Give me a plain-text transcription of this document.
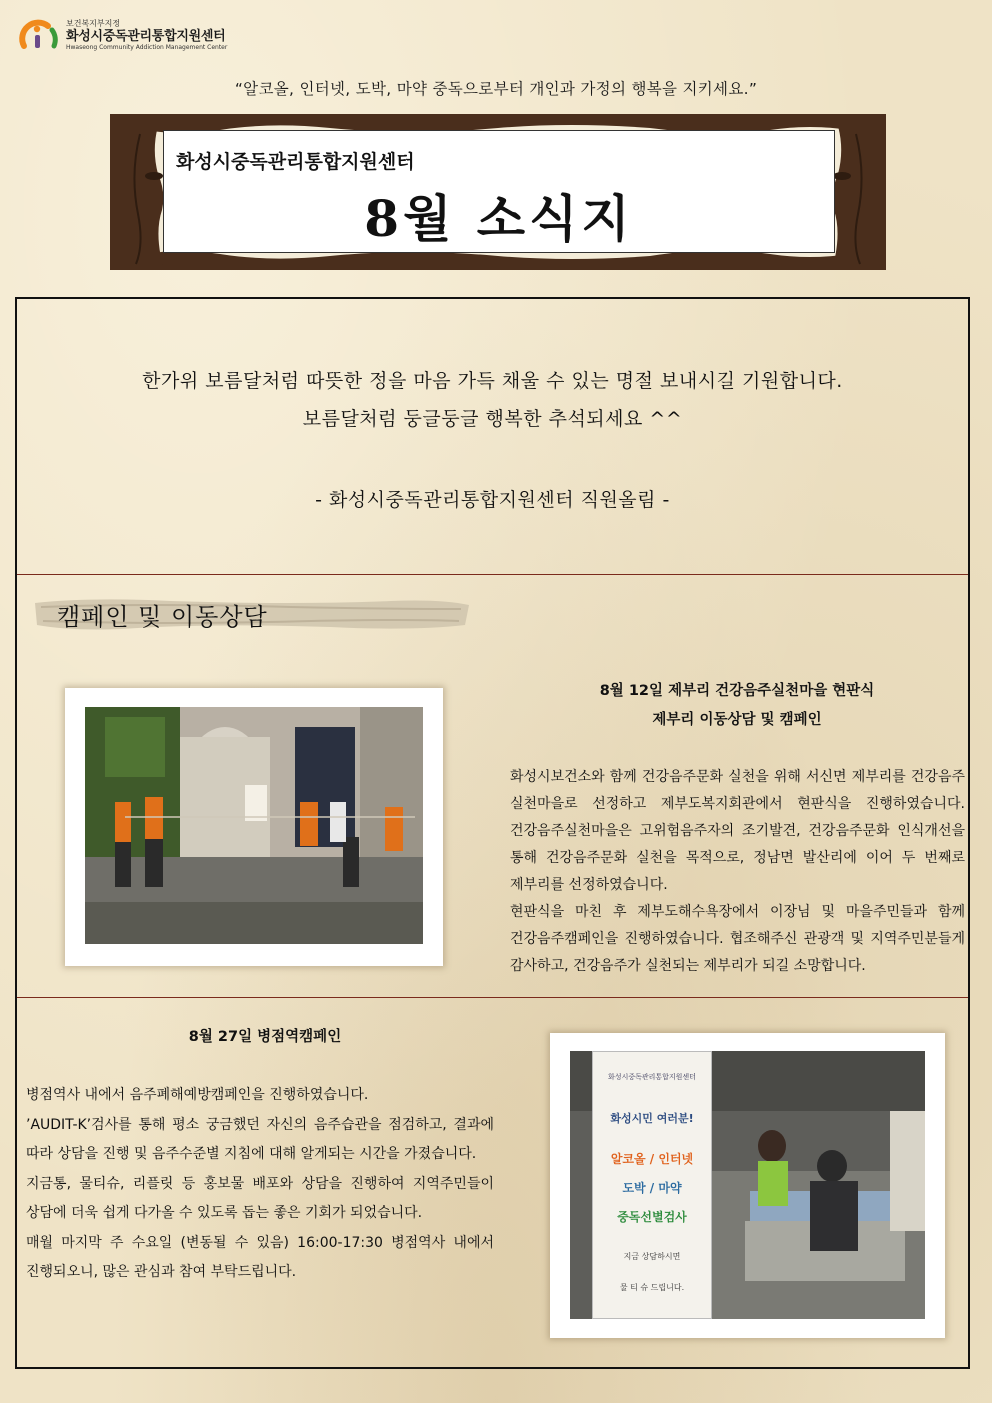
보건복지부지정
화성시중독관리통합지원센터
Hwaseong Community Addiction Management Center
“알코올, 인터넷, 도박, 마약 중독으로부터 개인과 가정의 행복을 지키세요.”
화성시중독관리통합지원센터
8월 소식지
한가위 보름달처럼 따뜻한 정을 마음 가득 채울 수 있는 명절 보내시길 기원합니다.
보름달처럼 둥글둥글 행복한 추석되세요 ^^
- 화성시중독관리통합지원센터 직원올림 -
캠페인 및 이동상담
8월 12일 제부리 건강음주실천마을 현판식
제부리 이동상담 및 캠페인

화성시보건소와 함께 건강음주문화 실천을 위해 서신면 제부리를 건강음주 실천마을로 선정하고 제부도복지회관에서 현판식을 진행하였습니다. 건강음주실천마을은 고위험음주자의 조기발견, 건강음주문화 인식개선을 통해 건강음주문화 실천을 목적으로, 정남면 발산리에 이어 두 번째로 제부리를 선정하였습니다.

현판식을 마친 후 제부도해수욕장에서 이장님 및 마을주민들과 함께 건강음주캠페인을 진행하였습니다. 협조해주신 관광객 및 지역주민분들게 감사하고, 건강음주가 실천되는 제부리가 되길 소망합니다.

8월 27일 병점역캠페인

병점역사 내에서 음주폐해예방캠페인을 진행하였습니다.

’AUDIT-K’검사를 통해 평소 궁금했던 자신의 음주습관을 점검하고, 결과에 따라 상담을 진행 및 음주수준별 지침에 대해 알게되는 시간을 가졌습니다.

지금통, 물티슈, 리플릿 등 홍보물 배포와 상담을 진행하여 지역주민들이 상담에 더욱 쉽게 다가올 수 있도록 돕는 좋은 기회가 되었습니다.

매월 마지막 주 수요일 (변동될 수 있음) 16:00-17:30 병점역사 내에서 진행되오니, 많은 관심과 참여 부탁드립니다.

화성시중독관리통합지원센터
화성시민 여러분!
알코올 / 인터넷
도박 / 마약
중독선별검사
지금 상담하시면
물 티 슈 드립니다.
